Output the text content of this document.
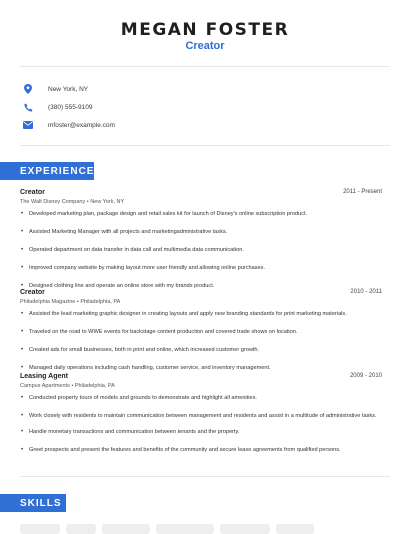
MEGAN FOSTER
Creator
New York, NY
(380) 555-9109
mfoster@example.com
EXPERIENCE
Creator	2011 - Present
The Walt Disney Company • New York, NY
• Developed marketing plan, package design and retail sales kit for launch of Disney's online subscription product.
• Assisted Marketing Manager with all projects and marketingadministrative tasks.
• Operated department on data transfer in data call and multimedia data communication.
• Improved company website by making layout more user friendly and allowing online purchases.
• Designed clothing line and operate an online store with my brands product.
Creator	2010 - 2011
Philadelphia Magazine • Philadelphia, PA
• Assisted the lead marketing graphic designer in creating layouts and apply new branding standards for print marketing materials.
• Traveled on the road to WWE events for backstage content production and covered trade shows on location.
• Created ads for small businesses, both in print and online, which increased customer growth.
• Managed daily operations including cash handling, customer service, and inventory management.
Leasing Agent	2009 - 2010
Campus Apartments • Philadelphia, PA
• Conducted property tours of models and grounds to demonstrate and highlight all amenities.
• Work closely with residents to maintain communication between management and residents and assist in a multitude of administrative tasks.
• Handle monetary transactions and communication between tenants and the property.
• Greet prospects and present the features and benefits of the community and secure lease agreements from qualified persons.
SKILLS
